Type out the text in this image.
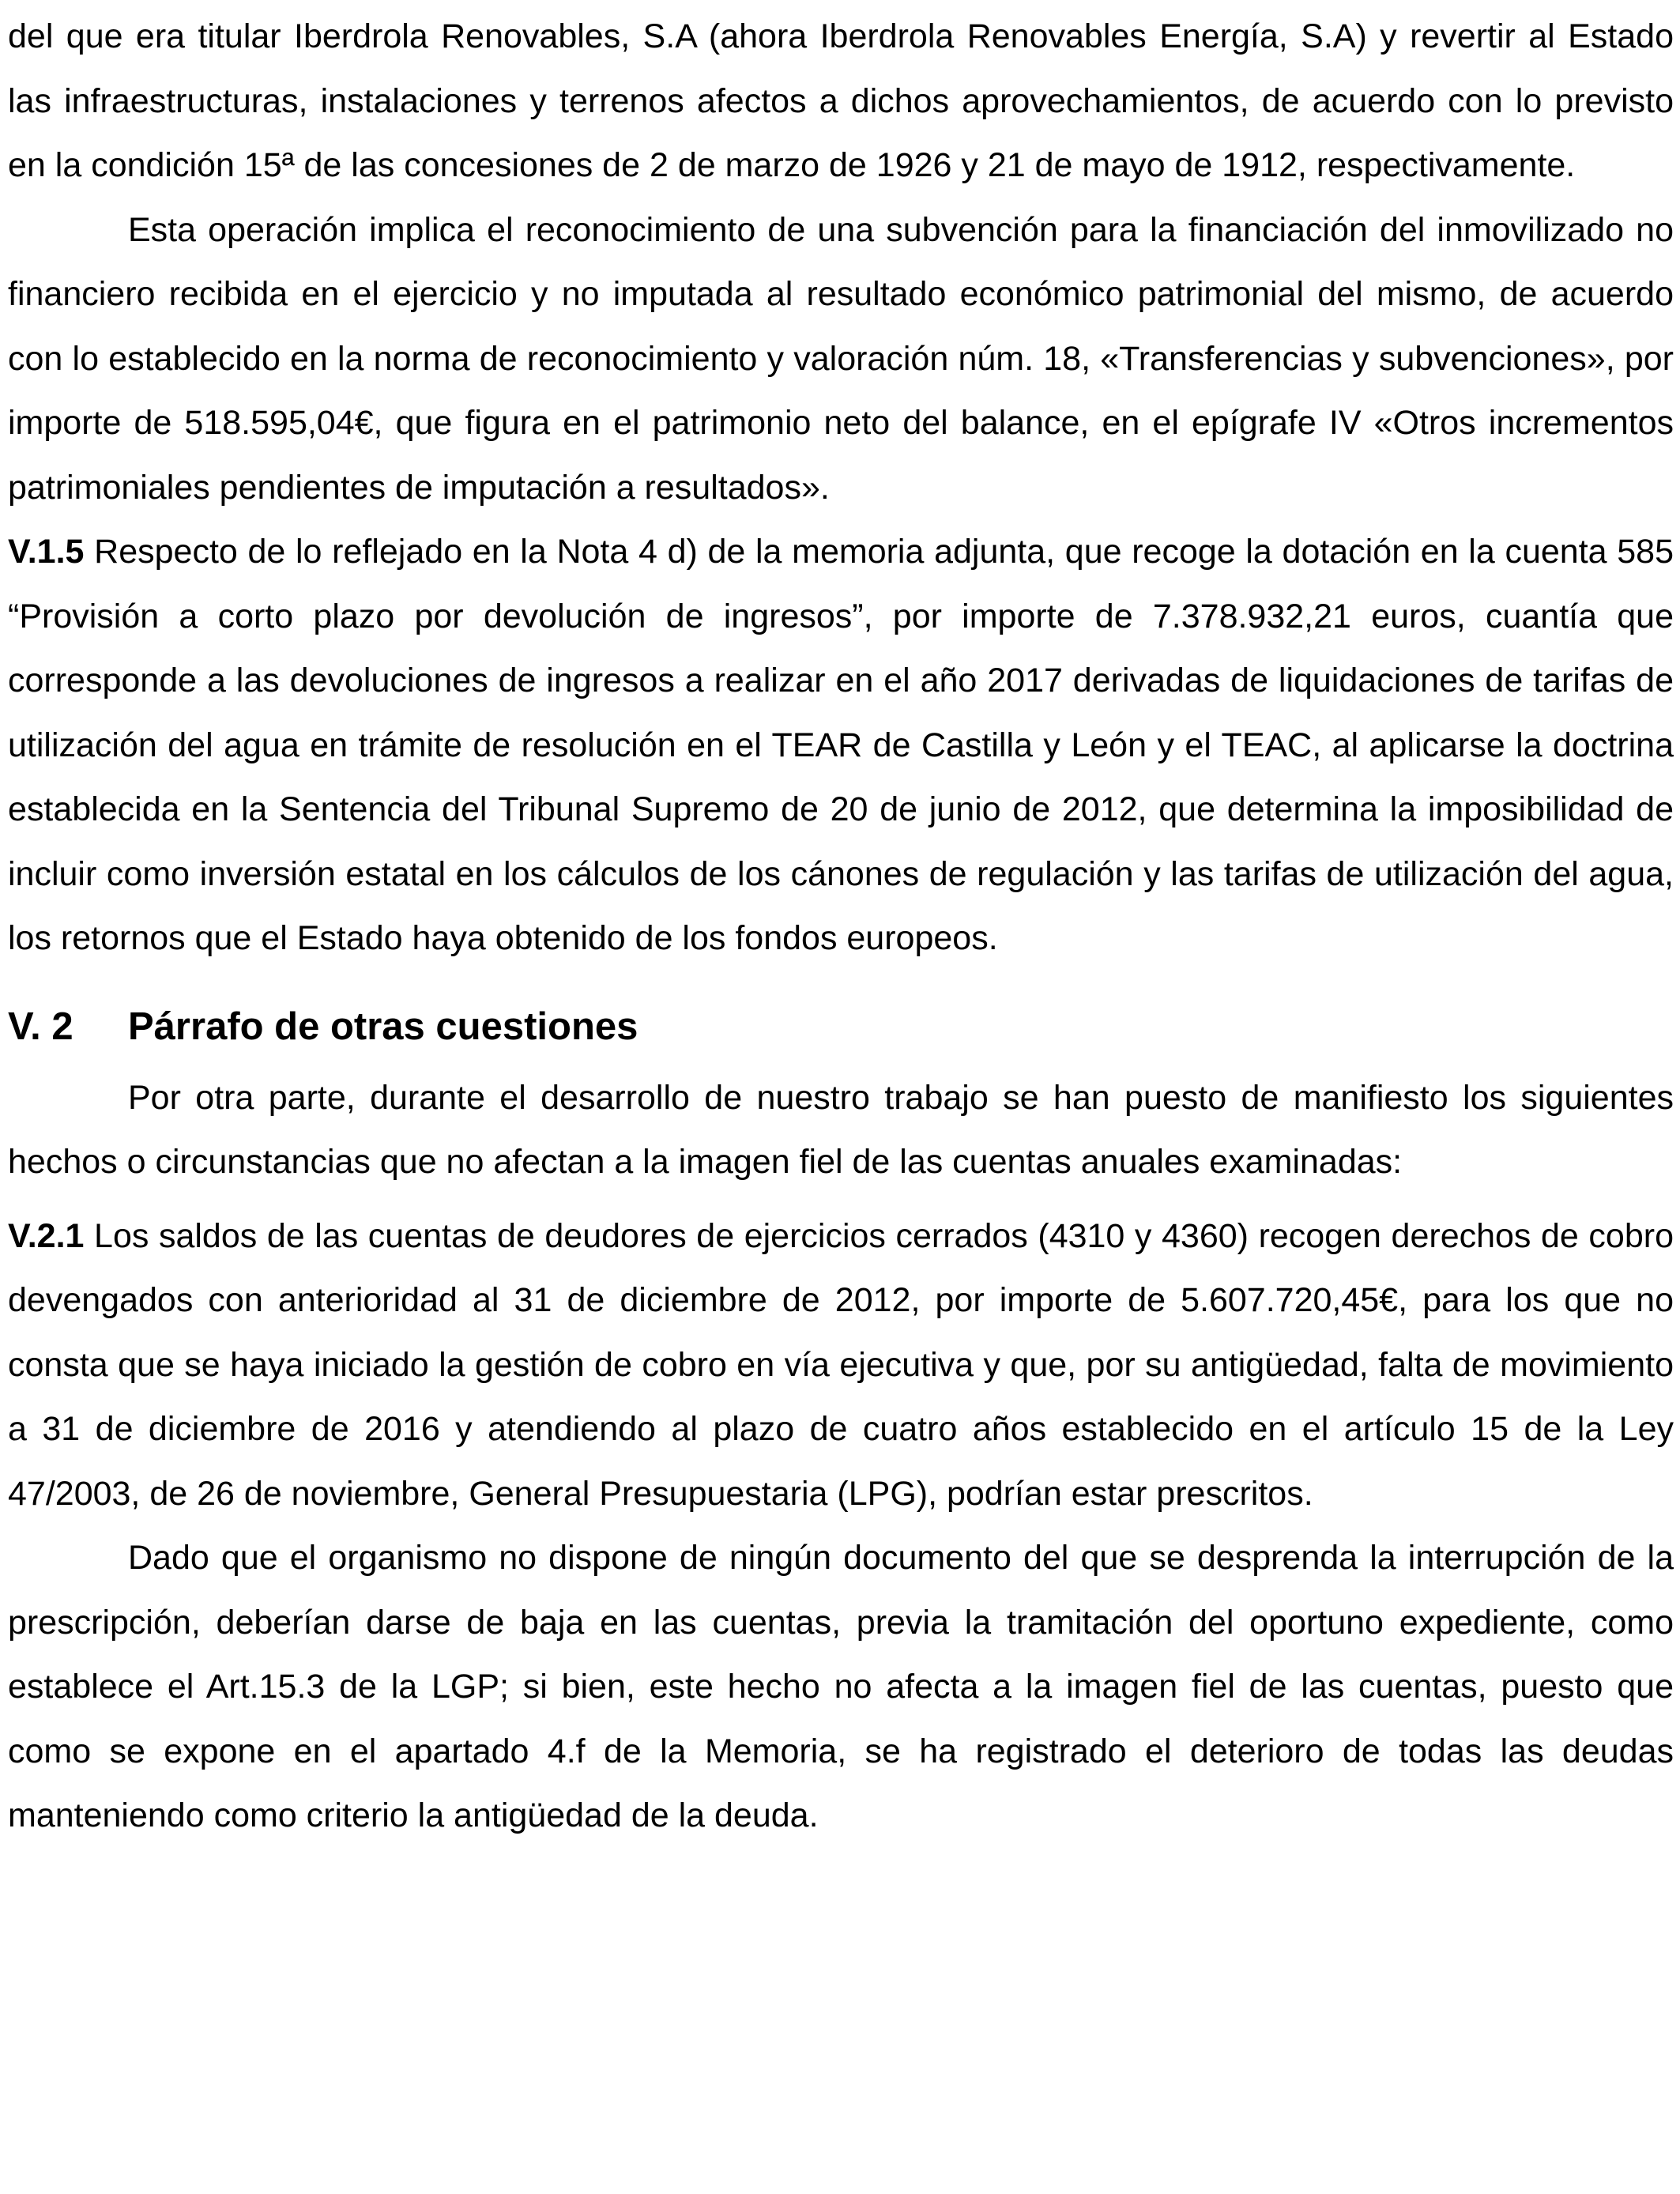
del que era titular Iberdrola Renovables, S.A (ahora Iberdrola Renovables Energía, S.A) y revertir al Estado las infraestructuras, instalaciones y terrenos afectos a dichos aprovechamientos, de acuerdo con lo previsto en la condición 15ª de las concesiones de 2 de marzo de 1926 y 21 de mayo de 1912, respectivamente.

Esta operación implica el reconocimiento de una subvención para la financiación del inmovilizado no financiero recibida en el ejercicio y no imputada al resultado económico patrimonial del mismo, de acuerdo con lo establecido en la norma de reconocimiento y valoración núm. 18, «Transferencias y subvenciones», por importe de 518.595,04€, que figura en el patrimonio neto del balance, en el epígrafe IV «Otros incrementos patrimoniales pendientes de imputación a resultados».

V.1.5 Respecto de lo reflejado en la Nota 4 d) de la memoria adjunta, que recoge la dotación en la cuenta 585 “Provisión a corto plazo por devolución de ingresos”, por importe de 7.378.932,21 euros, cuantía que corresponde a las devoluciones de ingresos a realizar en el año 2017 derivadas de liquidaciones de tarifas de utilización del agua en trámite de resolución en el TEAR de Castilla y León y el TEAC, al aplicarse la doctrina establecida en la Sentencia del Tribunal Supremo de 20 de junio de 2012, que determina la imposibilidad de incluir como inversión estatal en los cálculos de los cánones de regulación y las tarifas de utilización del agua, los retornos que el Estado haya obtenido de los fondos europeos.

V. 2	Párrafo de otras cuestiones

Por otra parte, durante el desarrollo de nuestro trabajo se han puesto de manifiesto los siguientes hechos o circunstancias que no afectan a la imagen fiel de las cuentas anuales examinadas:

V.2.1 Los saldos de las cuentas de deudores de ejercicios cerrados (4310 y 4360) recogen derechos de cobro devengados con anterioridad al 31 de diciembre de 2012, por importe de 5.607.720,45€, para los que no consta que se haya iniciado la gestión de cobro en vía ejecutiva y que, por su antigüedad, falta de movimiento a 31 de diciembre de 2016 y atendiendo al plazo de cuatro años establecido en el artículo 15 de la Ley 47/2003, de 26 de noviembre, General Presupuestaria (LPG), podrían estar prescritos.

Dado que el organismo no dispone de ningún documento del que se desprenda la interrupción de la prescripción, deberían darse de baja en las cuentas, previa la tramitación del oportuno expediente, como establece el Art.15.3 de la LGP; si bien, este hecho no afecta a la imagen fiel de las cuentas, puesto que como se expone en el apartado 4.f de la Memoria, se ha registrado el deterioro de todas las deudas manteniendo como criterio la antigüedad de la deuda.
